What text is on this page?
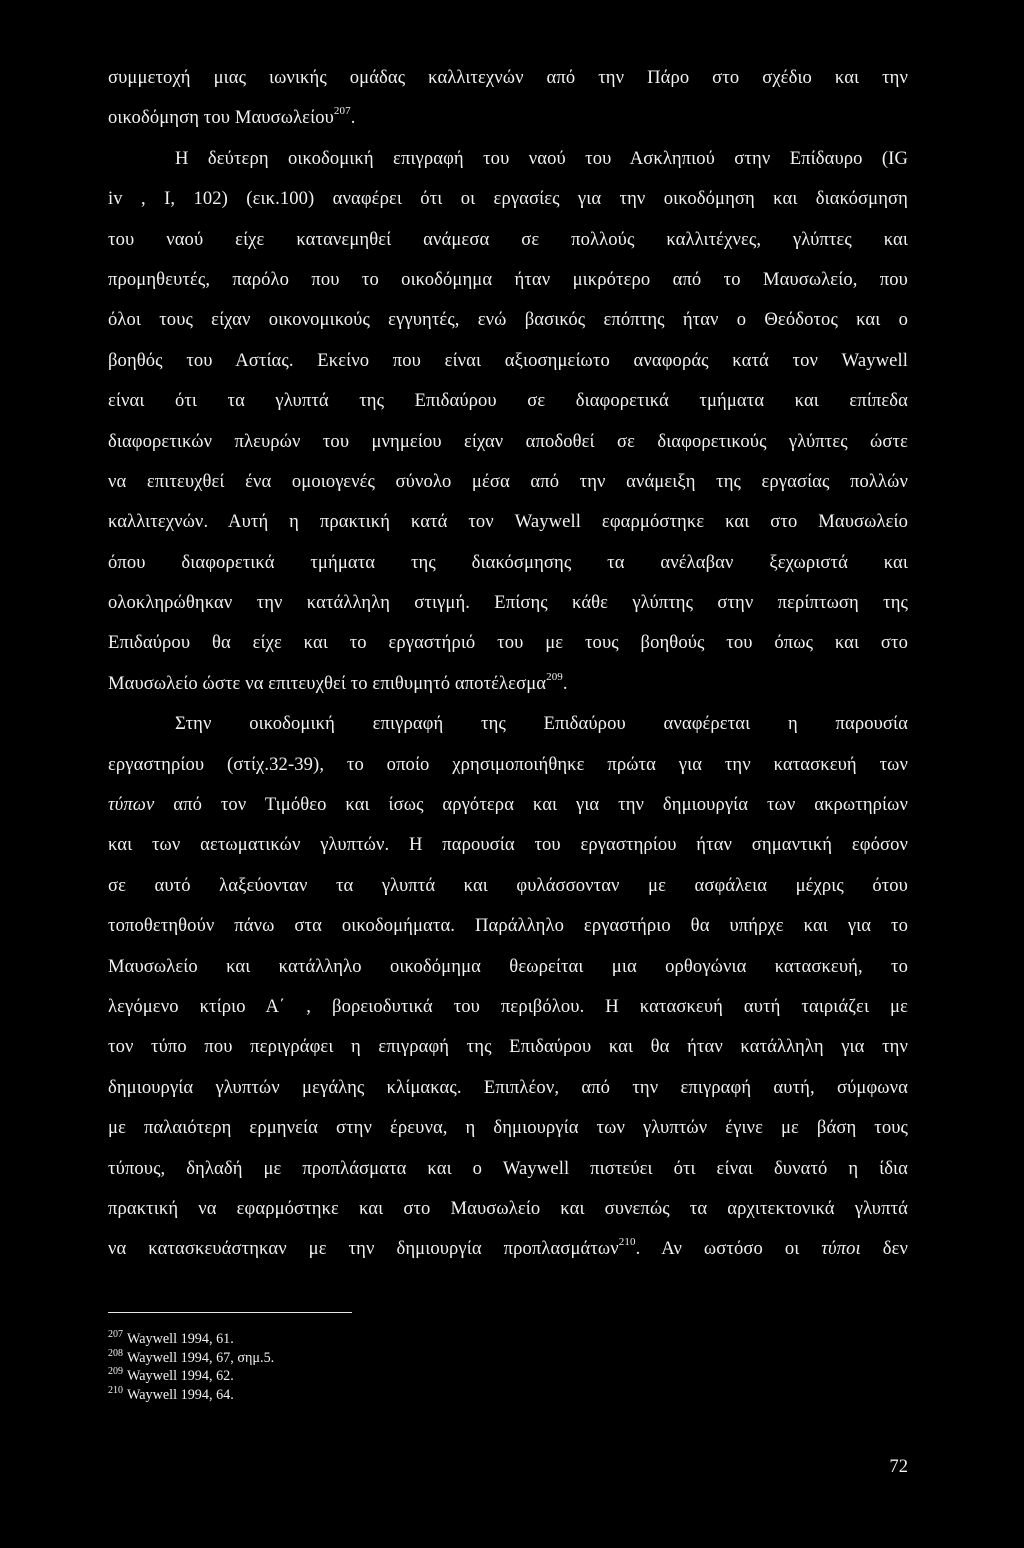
συμμετοχή μιας ιωνικής ομάδας καλλιτεχνών από την Πάρο στο σχέδιο και την
οικοδόμηση του Μαυσωλείου$^{207}$.
Η δεύτερη οικοδομική επιγραφή του ναού του Ασκληπιού στην Επίδαυρο (IG
iv , I, 102) (εικ.100) αναφέρει ότι οι εργασίες για την οικοδόμηση και διακόσμηση
του ναού είχε κατανεμηθεί ανάμεσα σε πολλούς καλλιτέχνες, γλύπτες και
προμηθευτές, παρόλο που το οικοδόμημα ήταν μικρότερο από το Μαυσωλείο, που
όλοι τους είχαν οικονομικούς εγγυητές, ενώ βασικός επόπτης ήταν ο Θεόδοτος και ο
βοηθός του Αστίας. Εκείνο που είναι αξιοσημείωτο αναφοράς κατά τον Waywell
είναι ότι τα γλυπτά της Επιδαύρου σε διαφορετικά τμήματα και επίπεδα
διαφορετικών πλευρών του μνημείου είχαν αποδοθεί σε διαφορετικούς γλύπτες ώστε
να επιτευχθεί ένα ομοιογενές σύνολο μέσα από την ανάμειξη της εργασίας πολλών
καλλιτεχνών. Αυτή η πρακτική κατά τον Waywell εφαρμόστηκε και στο Μαυσωλείο
όπου διαφορετικά τμήματα της διακόσμησης τα ανέλαβαν ξεχωριστά και
ολοκληρώθηκαν την κατάλληλη στιγμή. Επίσης κάθε γλύπτης στην περίπτωση της
Επιδαύρου θα είχε και το εργαστήριό του με τους βοηθούς του όπως και στο
Μαυσωλείο ώστε να επιτευχθεί το επιθυμητό αποτέλεσμα$^{209}$.
Στην οικοδομική επιγραφή της Επιδαύρου αναφέρεται η παρουσία
εργαστηρίου (στίχ.32-39), το οποίο χρησιμοποιήθηκε πρώτα για την κατασκευή των
τύπων από τον Τιμόθεο και ίσως αργότερα και για την δημιουργία των ακρωτηρίων
και των αετωματικών γλυπτών. Η παρουσία του εργαστηρίου ήταν σημαντική εφόσον
σε αυτό λαξεύονταν τα γλυπτά και φυλάσσονταν με ασφάλεια μέχρις ότου
τοποθετηθούν πάνω στα οικοδομήματα. Παράλληλο εργαστήριο θα υπήρχε και για το
Μαυσωλείο και κατάλληλο οικοδόμημα θεωρείται μια ορθογώνια κατασκευή, το
λεγόμενο κτίριο Α΄ , βορειοδυτικά του περιβόλου. Η κατασκευή αυτή ταιριάζει με
τον τύπο που περιγράφει η επιγραφή της Επιδαύρου και θα ήταν κατάλληλη για την
δημιουργία γλυπτών μεγάλης κλίμακας. Επιπλέον, από την επιγραφή αυτή, σύμφωνα
με παλαιότερη ερμηνεία στην έρευνα, η δημιουργία των γλυπτών έγινε με βάση τους
τύπους, δηλαδή με προπλάσματα και ο Waywell πιστεύει ότι είναι δυνατό η ίδια
πρακτική να εφαρμόστηκε και στο Μαυσωλείο και συνεπώς τα αρχιτεκτονικά γλυπτά
να κατασκευάστηκαν με την δημιουργία προπλασμάτων$^{210}$. Αν ωστόσο οι τύποι δεν
$^{207}$ Waywell 1994, 61.
$^{208}$ Waywell 1994, 67, σημ.5.
$^{209}$ Waywell 1994, 62.
$^{210}$ Waywell 1994, 64.
72
